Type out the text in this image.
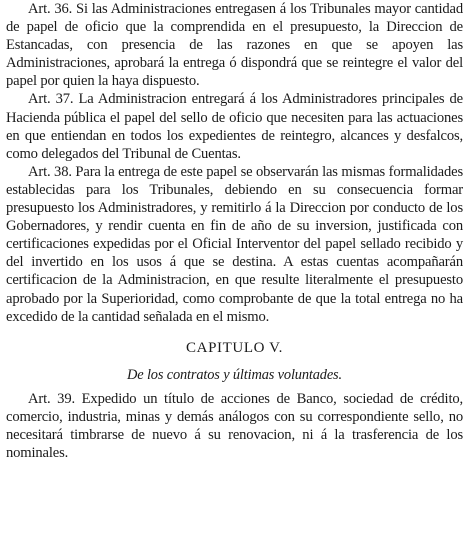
Art. 36. Si las Administraciones entregasen á los Tribunales mayor cantidad de papel de oficio que la comprendida en el presupuesto, la Direccion de Estancadas, con presencia de las razones en que se apoyen las Administraciones, aprobará la entrega ó dispondrá que se reintegre el valor del papel por quien la haya dispuesto.

Art. 37. La Administracion entregará á los Administradores principales de Hacienda pública el papel del sello de oficio que necesiten para las actuaciones en que entiendan en todos los expedientes de reintegro, alcances y desfalcos, como delegados del Tribunal de Cuentas.

Art. 38. Para la entrega de este papel se observarán las mismas formalidades establecidas para los Tribunales, debiendo en su consecuencia formar presupuesto los Administradores, y remitirlo á la Direccion por conducto de los Gobernadores, y rendir cuenta en fin de año de su inversion, justificada con certificaciones expedidas por el Oficial Interventor del papel sellado recibido y del invertido en los usos á que se destina. A estas cuentas acompañarán certificacion de la Administracion, en que resulte literalmente el presupuesto aprobado por la Superioridad, como comprobante de que la total entrega no ha excedido de la cantidad señalada en el mismo.

CAPITULO V.
De los contratos y últimas voluntades.

Art. 39. Expedido un título de acciones de Banco, sociedad de crédito, comercio, industria, minas y demás análogos con su correspondiente sello, no necesitará timbrarse de nuevo á su renovacion, ni á la trasferencia de los nominales.
